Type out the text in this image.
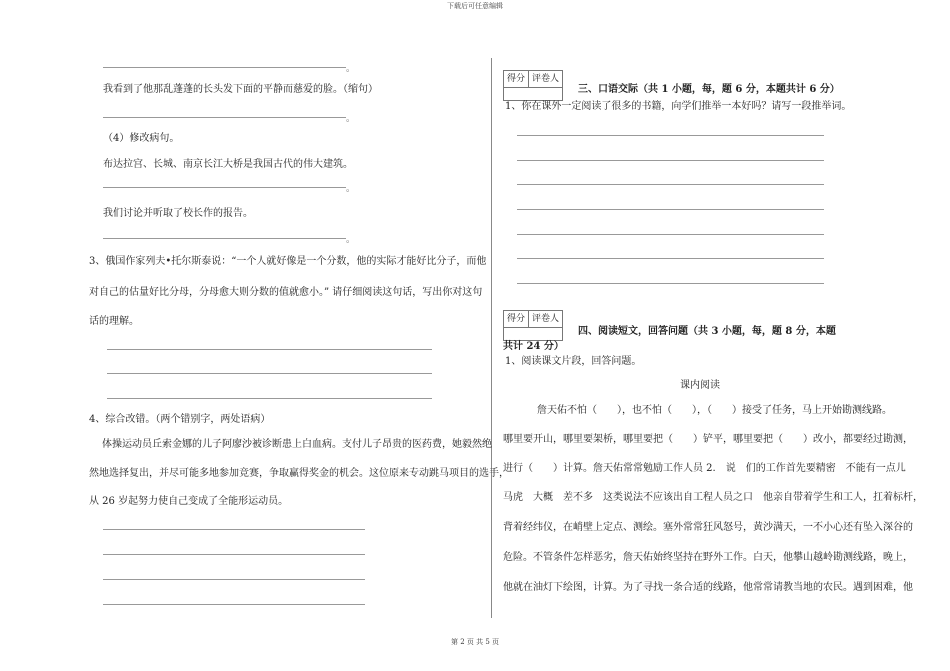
下载后可任意编辑
。
我看到了他那乱蓬蓬的长头发下面的平静而慈爱的脸。（缩句）
。
（4）修改病句。
布达拉宫、长城、南京长江大桥是我国古代的伟大建筑。
。
我们讨论并听取了校长作的报告。
。
3、俄国作家列夫•托尔斯泰说：“一个人就好像是一个分数，他的实际才能好比分子，而他
对自己的估量好比分母，分母愈大则分数的值就愈小。” 请仔细阅读这句话，写出你对这句
话的理解。
4、综合改错。（两个错别字，两处语病）
体操运动员丘索金娜的儿子阿廖沙被诊断患上白血病。支付儿子昂贵的医药费，她毅然绝
然地选择复出，并尽可能多地参加竞赛，争取赢得奖金的机会。这位原来专动跳马项目的选手，
从 26 岁起努力使自己变成了全能形运动员。
得分 评卷人
三、口语交际（共 1 小题，每，题 6 分，本题共计 6 分）
1、你在课外一定阅读了很多的书籍，向学们推举一本好吗？请写一段推举词。
得分 评卷人
四、阅读短文，回答问题（共 3 小题，每，题 8 分，本题
共计 24 分）
1、阅读课文片段，回答问题。
课内阅读
詹天佑不怕（　　），也不怕（　　），（　　）接受了任务，马上开始勘测线路。
哪里要开山，哪里要架桥，哪里要把（　　）铲平，哪里要把（　　）改小，都要经过勘测，
进行（　　）计算。詹天佑常常勉励工作人员 2.　说　们的工作首先要精密　不能有一点儿
马虎　大概　差不多　这类说法不应该出自工程人员之口　他亲自带着学生和工人，扛着标杆，
背着经纬仪，在峭壁上定点、测绘。塞外常常狂风怒号，黄沙满天，一不小心还有坠入深谷的
危险。不管条件怎样恶劣，詹天佑始终坚持在野外工作。白天，他攀山越岭勘测线路，晚上，
他就在油灯下绘图，计算。为了寻找一条合适的线路，他常常请教当地的农民。遇到困难，他
第 2 页 共 5 页
